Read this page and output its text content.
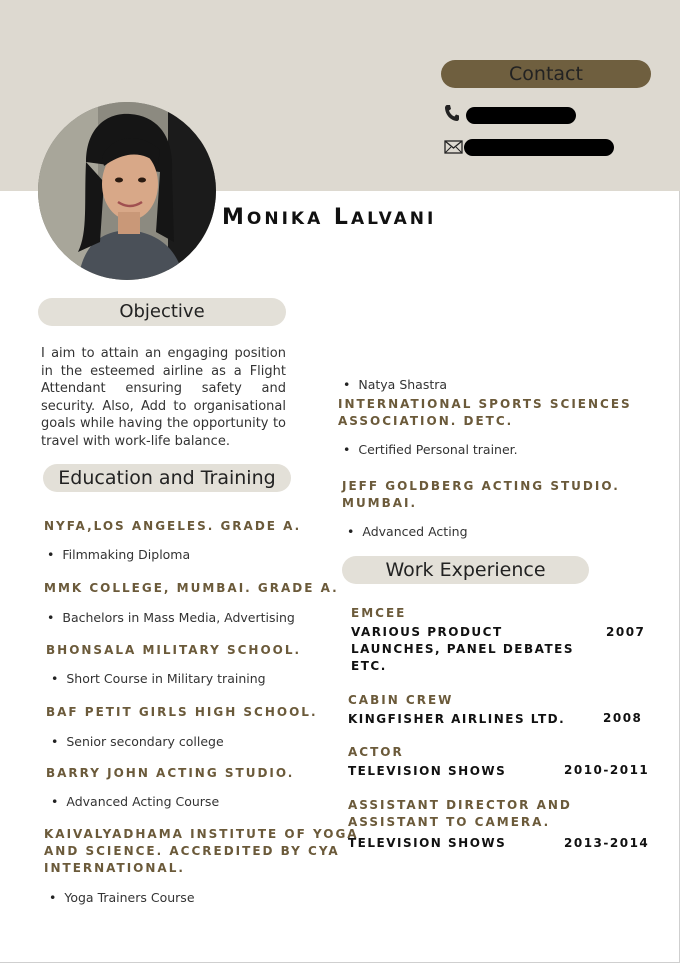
Contact
MONIKA LALVANI
Objective
I aim to attain an engaging position in the esteemed airline as a Flight Attendant ensuring safety and security. Also, Add to organisational goals while having the opportunity to travel with work-life balance.
Education and Training
NYFA,LOS ANGELES. GRADE A.
• Filmmaking Diploma
MMK COLLEGE, MUMBAI. GRADE A.
• Bachelors in Mass Media, Advertising
BHONSALA MILITARY SCHOOL.
• Short Course in Military training
BAF PETIT GIRLS HIGH SCHOOL.
• Senior secondary college
BARRY JOHN ACTING STUDIO.
• Advanced Acting Course
KAIVALYADHAMA INSTITUTE OF YOGA
AND SCIENCE. ACCREDITED BY CYA
INTERNATIONAL.
• Yoga Trainers Course
• Natya Shastra
INTERNATIONAL SPORTS SCIENCES
ASSOCIATION. DETC.
• Certified Personal trainer.
JEFF GOLDBERG ACTING STUDIO.
MUMBAI.
• Advanced Acting
Work Experience
EMCEE
VARIOUS PRODUCT
LAUNCHES, PANEL DEBATES
ETC.
2007
CABIN CREW
KINGFISHER AIRLINES LTD.	2008
ACTOR
TELEVISION SHOWS	2010-2011
ASSISTANT DIRECTOR AND
ASSISTANT TO CAMERA.
TELEVISION SHOWS	2013-2014
